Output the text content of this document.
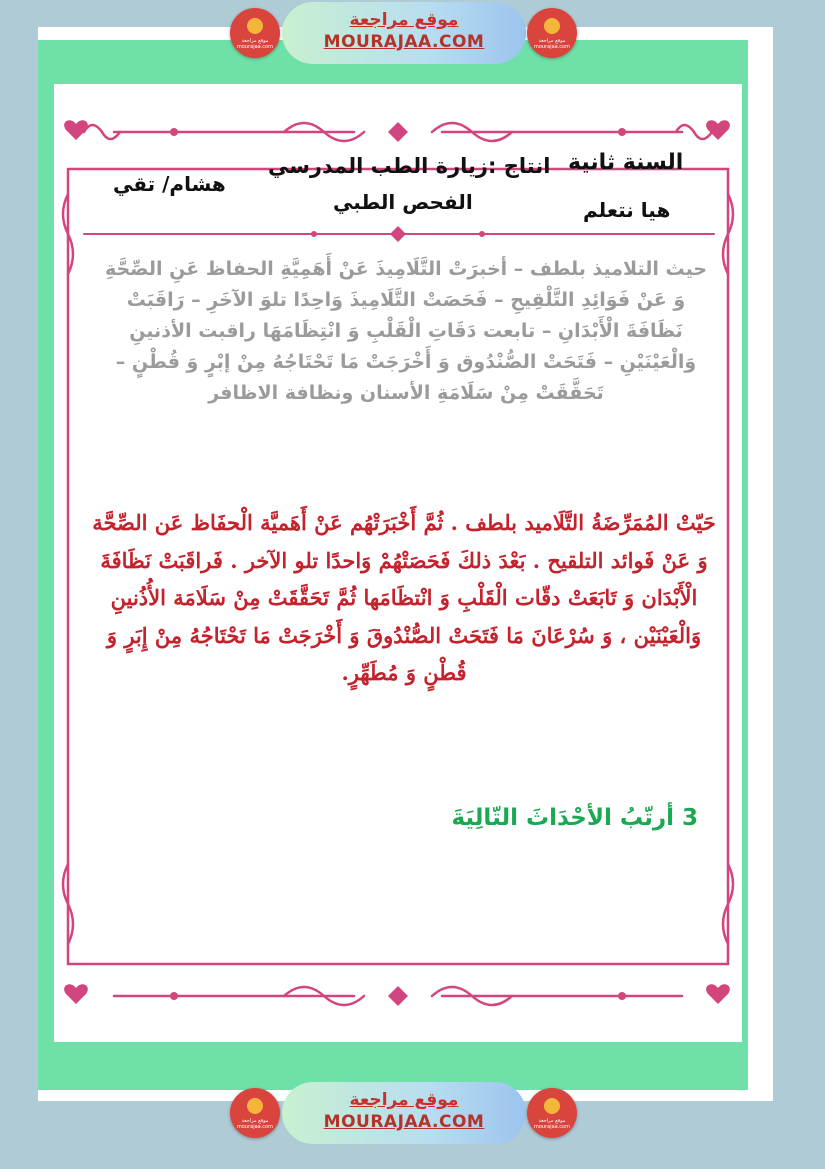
موقع مراجعة mourajaa.com
موقع مراجعة
MOURAJAA.COM	موقع مراجعة mourajaa.com
موقع مراجعة mourajaa.com
موقع مراجعة
MOURAJAA.COM	موقع مراجعة mourajaa.com
السنة ثانية
هيا نتعلم
انتاج :زيارة الطب المدرسي
الفحص الطبي
هشام/ تقي
حيث التلاميذ بلطف – أخبرَتْ التَّلَامِيذَ عَنْ أَهَمِيَّةِ الحفاظ عَنِ الصِّحَّةِ وَ عَنْ فَوَائِدِ التَّلْقِيحِ – فَحَصَتْ التَّلَامِيذَ وَاحِدًا تلوَ الآخَرِ – رَاقَبَتْ نَظَافَةَ الْأَبْدَانِ – تابعت دَقَاتِ الْقَلْبِ وَ انْتِظَامَهَا راقبت الأذنينِ وَالْعَيْنَيْنِ – فَتَحَتْ الصُّنْدُوق وَ أَخْرَجَتْ مَا تَحْتَاجُهُ مِنْ إبْرٍ وَ قُطْنٍ – تَحَقَّقَتْ مِنْ سَلَامَةِ الأسنان ونظافة الاظافر
حَيّتْ المُمَرِّضَةُ التَّلَاميد بلطف . ثُمَّ أَخْبَرَتْهُم عَنْ أَهَميَّة الْحفَاظ عَن الصِّحَّة وَ عَنْ فَوائد التلقيح . بَعْدَ ذلكَ فَحَصَتْهُمْ وَاحدًا تلو الآخر . فَراقَبَتْ نَظَافَةَ الْأَبْدَان وَ تَابَعَتْ دقّات الْقَلْبِ وَ انْتظَامَها ثُمَّ تَحَقَّقَتْ مِنْ سَلَامَة الأُذُنينِ وَالْعَيْنَيْن ، وَ سُرْعَانَ مَا فَتَحَتْ الصُّنْدُوقَ وَ أَخْرَجَتْ مَا تَحْتَاجُهُ مِنْ إِبَرٍ وَ قُطْنٍ وَ مُطَهِّرٍ.
3 أرتّبُ الأحْدَاثَ التّالِيَةَ
